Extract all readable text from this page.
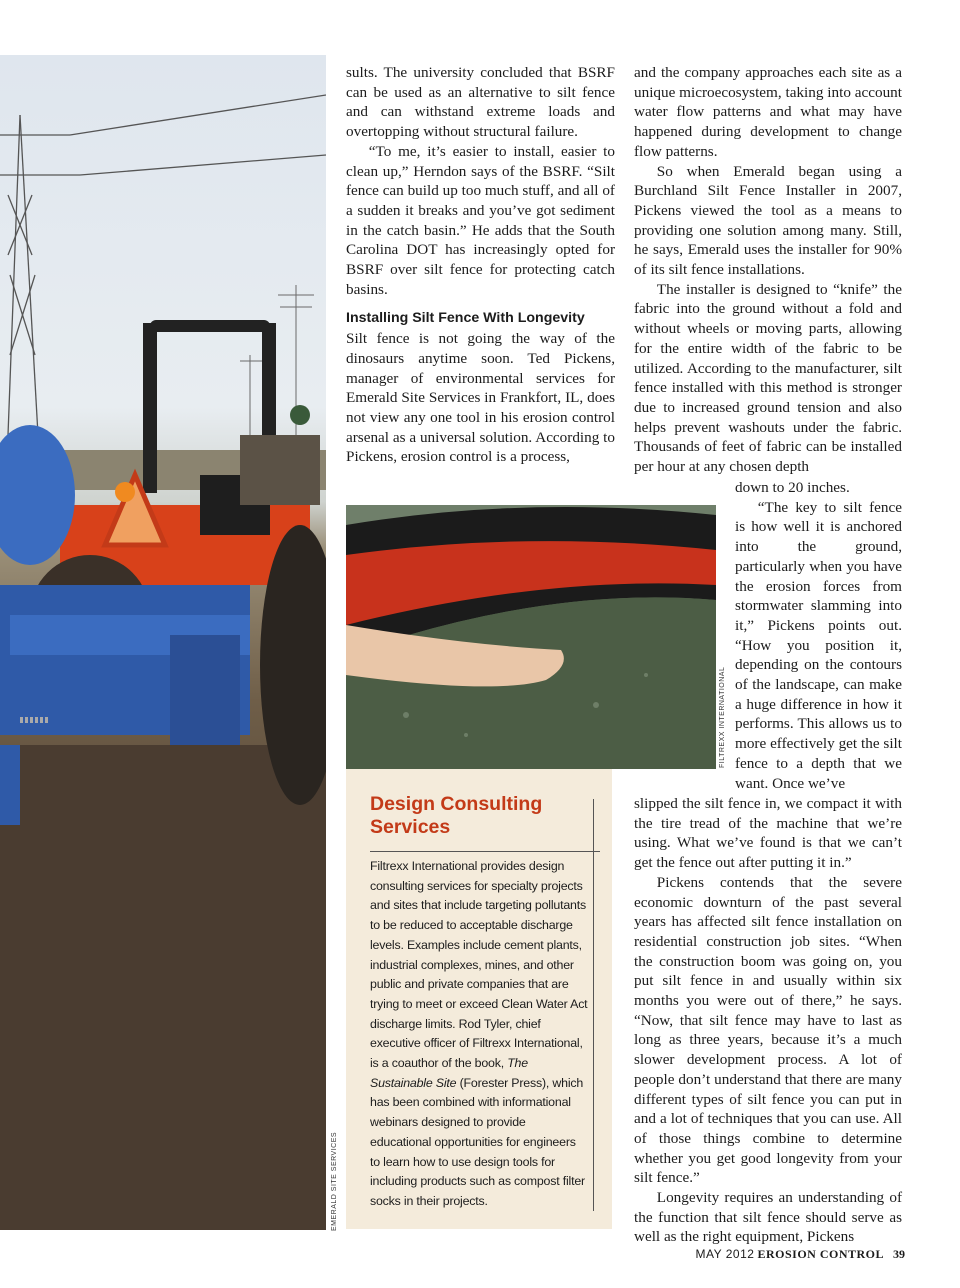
EMERALD SITE SERVICES

sults. The university concluded that BSRF can be used as an alternative to silt fence and can withstand extreme loads and overtopping without structural failure.

“To me, it’s easier to install, easier to clean up,” Herndon says of the BSRF. “Silt fence can build up too much stuff, and all of a sudden it breaks and you’ve got sediment in the catch basin.” He adds that the South Carolina DOT has increasingly opted for BSRF over silt fence for protecting catch basins.

Installing Silt Fence With Longevity

Silt fence is not going the way of the dinosaurs anytime soon. Ted Pickens, manager of environmental services for Emerald Site Services in Frankfort, IL, does not view any one tool in his erosion control arsenal as a universal solution. According to Pickens, erosion control is a process,

and the company approaches each site as a unique microecosystem, taking into account water flow patterns and what may have happened during development to change flow patterns.

So when Emerald began using a Burchland Silt Fence Installer in 2007, Pickens viewed the tool as a means to providing one solution among many. Still, he says, Emerald uses the installer for 90% of its silt fence installations.

The installer is designed to “knife” the fabric into the ground without a fold and without wheels or moving parts, allowing for the entire width of the fabric to be utilized. According to the manufacturer, silt fence installed with this method is stronger due to increased ground tension and also helps prevent washouts under the fabric. Thousands of feet of fabric can be installed per hour at any chosen depth

down to 20 inches.

“The key to silt fence is how well it is anchored into the ground, particularly when you have the erosion forces from stormwater slamming into it,” Pickens points out. “How you position it, depending on the contours of the landscape, can make a huge difference in how it performs. This allows us to more effectively get the silt fence to a depth that we want. Once we’ve

slipped the silt fence in, we compact it with the tire tread of the machine that we’re using. What we’ve found is that we can’t get the fence out after putting it in.”

Pickens contends that the severe economic downturn of the past several years has affected silt fence installation on residential construction job sites. “When the construction boom was going on, you put silt fence in and usually within six months you were out of there,” he says. “Now, that silt fence may have to last as long as three years, because it’s a much slower development process. A lot of people don’t understand that there are many different types of silt fence you can put in and a lot of techniques that you can use. All of those things combine to determine whether you get good longevity from your silt fence.”

Longevity requires an understanding of the function that silt fence should serve as well as the right equipment, Pickens

FILTREXX INTERNATIONAL
Design Consulting Services
Filtrexx International provides design consulting services for specialty projects and sites that include targeting pollutants to be reduced to acceptable discharge levels. Examples include cement plants, industrial complexes, mines, and other public and private companies that are trying to meet or exceed Clean Water Act discharge limits. Rod Tyler, chief executive officer of Filtrexx International, is a coauthor of the book, The Sustainable Site (Forester Press), which has been combined with informational webinars designed to provide educational opportunities for engineers to learn how to use design tools for including products such as compost filter socks in their projects.
MAY 2012 EROSION CONTROL 39
